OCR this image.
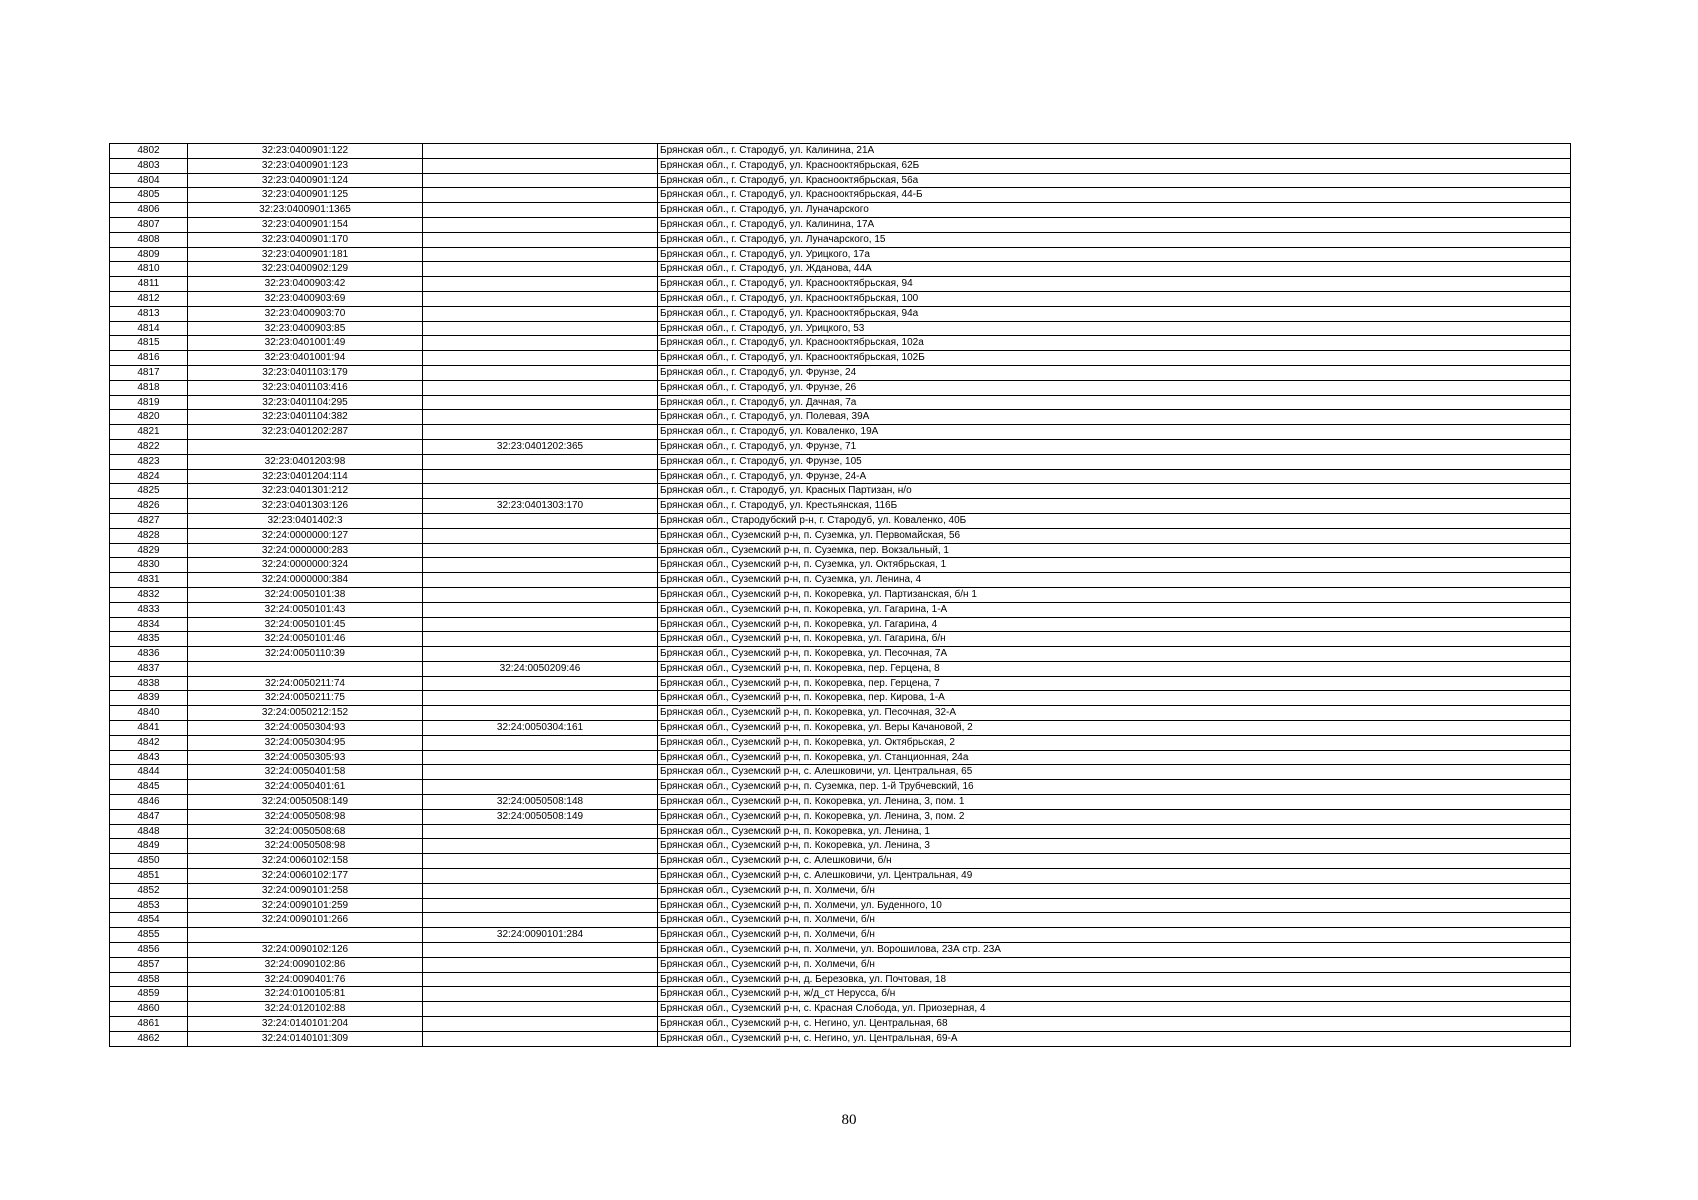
4802	32:23:0400901:122		Брянская обл., г. Стародуб, ул. Калинина, 21А
4803	32:23:0400901:123		Брянская обл., г. Стародуб, ул. Краснооктябрьская, 62Б
4804	32:23:0400901:124		Брянская обл., г. Стародуб, ул. Краснооктябрьская, 56а
4805	32:23:0400901:125		Брянская обл., г. Стародуб, ул. Краснооктябрьская, 44-Б
4806	32:23:0400901:1365		Брянская обл., г. Стародуб, ул. Луначарского
4807	32:23:0400901:154		Брянская обл., г. Стародуб, ул. Калинина, 17А
4808	32:23:0400901:170		Брянская обл., г. Стародуб, ул. Луначарского, 15
4809	32:23:0400901:181		Брянская обл., г. Стародуб, ул. Урицкого, 17а
4810	32:23:0400902:129		Брянская обл., г. Стародуб, ул. Жданова, 44А
4811	32:23:0400903:42		Брянская обл., г. Стародуб, ул. Краснооктябрьская, 94
4812	32:23:0400903:69		Брянская обл., г. Стародуб, ул. Краснооктябрьская, 100
4813	32:23:0400903:70		Брянская обл., г. Стародуб, ул. Краснооктябрьская, 94а
4814	32:23:0400903:85		Брянская обл., г. Стародуб, ул. Урицкого, 53
4815	32:23:0401001:49		Брянская обл., г. Стародуб, ул. Краснооктябрьская, 102а
4816	32:23:0401001:94		Брянская обл., г. Стародуб, ул. Краснооктябрьская, 102Б
4817	32:23:0401103:179		Брянская обл., г. Стародуб, ул. Фрунзе, 24
4818	32:23:0401103:416		Брянская обл., г. Стародуб, ул. Фрунзе, 26
4819	32:23:0401104:295		Брянская обл., г. Стародуб, ул. Дачная, 7а
4820	32:23:0401104:382		Брянская обл., г. Стародуб, ул. Полевая, 39А
4821	32:23:0401202:287		Брянская обл., г. Стародуб, ул. Коваленко, 19А
4822		32:23:0401202:365	Брянская обл., г. Стародуб, ул. Фрунзе, 71
4823	32:23:0401203:98		Брянская обл., г. Стародуб, ул. Фрунзе, 105
4824	32:23:0401204:114		Брянская обл., г. Стародуб, ул. Фрунзе, 24-А
4825	32:23:0401301:212		Брянская обл., г. Стародуб, ул. Красных Партизан, н/о
4826	32:23:0401303:126	32:23:0401303:170	Брянская обл., г. Стародуб, ул. Крестьянская, 116Б
4827	32:23:0401402:3		Брянская обл., Стародубский р-н, г. Стародуб, ул. Коваленко, 40Б
4828	32:24:0000000:127		Брянская обл., Суземский р-н, п. Суземка, ул. Первомайская, 56
4829	32:24:0000000:283		Брянская обл., Суземский р-н, п. Суземка, пер. Вокзальный, 1
4830	32:24:0000000:324		Брянская обл., Суземский р-н, п. Суземка, ул. Октябрьская, 1
4831	32:24:0000000:384		Брянская обл., Суземский р-н, п. Суземка, ул. Ленина, 4
4832	32:24:0050101:38		Брянская обл., Суземский р-н, п. Кокоревка, ул. Партизанская, б/н 1
4833	32:24:0050101:43		Брянская обл., Суземский р-н, п. Кокоревка, ул. Гагарина, 1-А
4834	32:24:0050101:45		Брянская обл., Суземский р-н, п. Кокоревка, ул. Гагарина, 4
4835	32:24:0050101:46		Брянская обл., Суземский р-н, п. Кокоревка, ул. Гагарина, б/н
4836	32:24:0050110:39		Брянская обл., Суземский р-н, п. Кокоревка, ул. Песочная, 7А
4837		32:24:0050209:46	Брянская обл., Суземский р-н, п. Кокоревка, пер. Герцена, 8
4838	32:24:0050211:74		Брянская обл., Суземский р-н, п. Кокоревка, пер. Герцена, 7
4839	32:24:0050211:75		Брянская обл., Суземский р-н, п. Кокоревка, пер. Кирова, 1-А
4840	32:24:0050212:152		Брянская обл., Суземский р-н, п. Кокоревка, ул. Песочная, 32-А
4841	32:24:0050304:93	32:24:0050304:161	Брянская обл., Суземский р-н, п. Кокоревка, ул. Веры Качановой, 2
4842	32:24:0050304:95		Брянская обл., Суземский р-н, п. Кокоревка, ул. Октябрьская, 2
4843	32:24:0050305:93		Брянская обл., Суземский р-н, п. Кокоревка, ул. Станционная, 24а
4844	32:24:0050401:58		Брянская обл., Суземский р-н, с. Алешковичи, ул. Центральная, 65
4845	32:24:0050401:61		Брянская обл., Суземский р-н, п. Суземка, пер. 1-й Трубчевский, 16
4846	32:24:0050508:149	32:24:0050508:148	Брянская обл., Суземский р-н, п. Кокоревка, ул. Ленина, 3, пом. 1
4847	32:24:0050508:98	32:24:0050508:149	Брянская обл., Суземский р-н, п. Кокоревка, ул. Ленина, 3, пом. 2
4848	32:24:0050508:68		Брянская обл., Суземский р-н, п. Кокоревка, ул. Ленина, 1
4849	32:24:0050508:98		Брянская обл., Суземский р-н, п. Кокоревка, ул. Ленина, 3
4850	32:24:0060102:158		Брянская обл., Суземский р-н, с. Алешковичи, б/н
4851	32:24:0060102:177		Брянская обл., Суземский р-н, с. Алешковичи, ул. Центральная, 49
4852	32:24:0090101:258		Брянская обл., Суземский р-н, п. Холмечи, б/н
4853	32:24:0090101:259		Брянская обл., Суземский р-н, п. Холмечи, ул. Буденного, 10
4854	32:24:0090101:266		Брянская обл., Суземский р-н, п. Холмечи, б/н
4855		32:24:0090101:284	Брянская обл., Суземский р-н, п. Холмечи, б/н
4856	32:24:0090102:126		Брянская обл., Суземский р-н, п. Холмечи, ул. Ворошилова, 23А стр. 23А
4857	32:24:0090102:86		Брянская обл., Суземский р-н, п. Холмечи, б/н
4858	32:24:0090401:76		Брянская обл., Суземский р-н, д. Березовка, ул. Почтовая, 18
4859	32:24:0100105:81		Брянская обл., Суземский р-н, ж/д_ст Нерусса, б/н
4860	32:24:0120102:88		Брянская обл., Суземский р-н, с. Красная Слобода, ул. Приозерная, 4
4861	32:24:0140101:204		Брянская обл., Суземский р-н, с. Негино, ул. Центральная, 68
4862	32:24:0140101:309		Брянская обл., Суземский р-н, с. Негино, ул. Центральная, 69-А
80
